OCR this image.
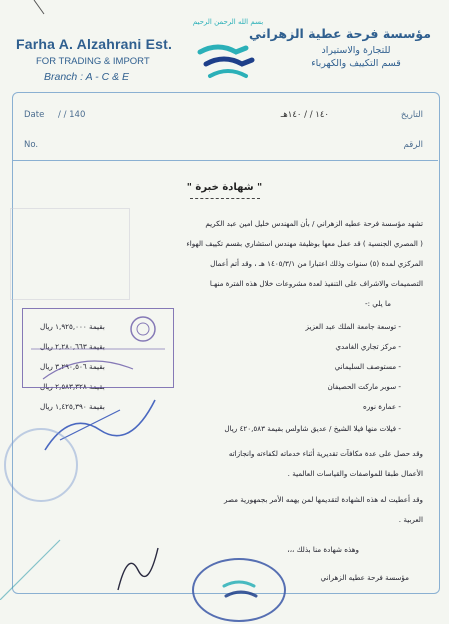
Farha A. Alzahrani Est.
FOR TRADING & IMPORT
Branch : A - C & E
بسم الله الرحمن الرحيم
مؤسسة فرحة عطية الزهراني
للتجارة والاستيراد
قسم التكييف والكهرباء
Date / / 140	التاريخ
١٤٠ / / ١٤٠هـ
No.	الرقم
" شهادة خبرة "
تشهد مؤسسة فرحة عطيه الزهراني / بأن المهندس خليل امين عبد الكريم
( المصري الجنسية ) قد عمل معها بوظيفة مهندس استشاري بقسم تكييف الهواء
المركزي لمدة (٥) سنوات وذلك اعتبارا من ١٤٠٥/٣/١ هـ ، وقد أتم أعمال
التصميمات والاشراف على التنفيذ لعدة مشروعات خلال هذه الفترة منهـا
ما يلي :-
- توسعة جامعة الملك عبد العزيز
بقيمة ١,٩٢٥,٠٠٠ ريال
- مركز تجاري الغامدي
بقيمة ٢,٢٨٠,٦٦٣ ريال
- مستوصف السليماني
بقيمة ٣,٢٩٠,٥٠٦ ريال
- سوبر ماركت الحصيفان
بقيمة ٢,٥٨٣,٣٢٨ ريال
- عمارة نوره
بقيمة ١,٤٢٥,٣٩٠ ريال
- فيلات منها فيلا الشيخ / عديق شاولس بقيمة ٤٢٠,٥٨٣ ريال
وقد حصل على عدة مكافآت تقديرية أثناء خدماته لكفاءته وانجازاته
الأعمال طبقا للمواصفات والقياسات العالمية .
وقد أعطيت له هذه الشهادة لتقديمها لمن يهمه الأمر بجمهورية مصر
العربية .
وهذه شهادة منا بذلك ،،،
مؤسسة فرحة عطيه الزهراني
